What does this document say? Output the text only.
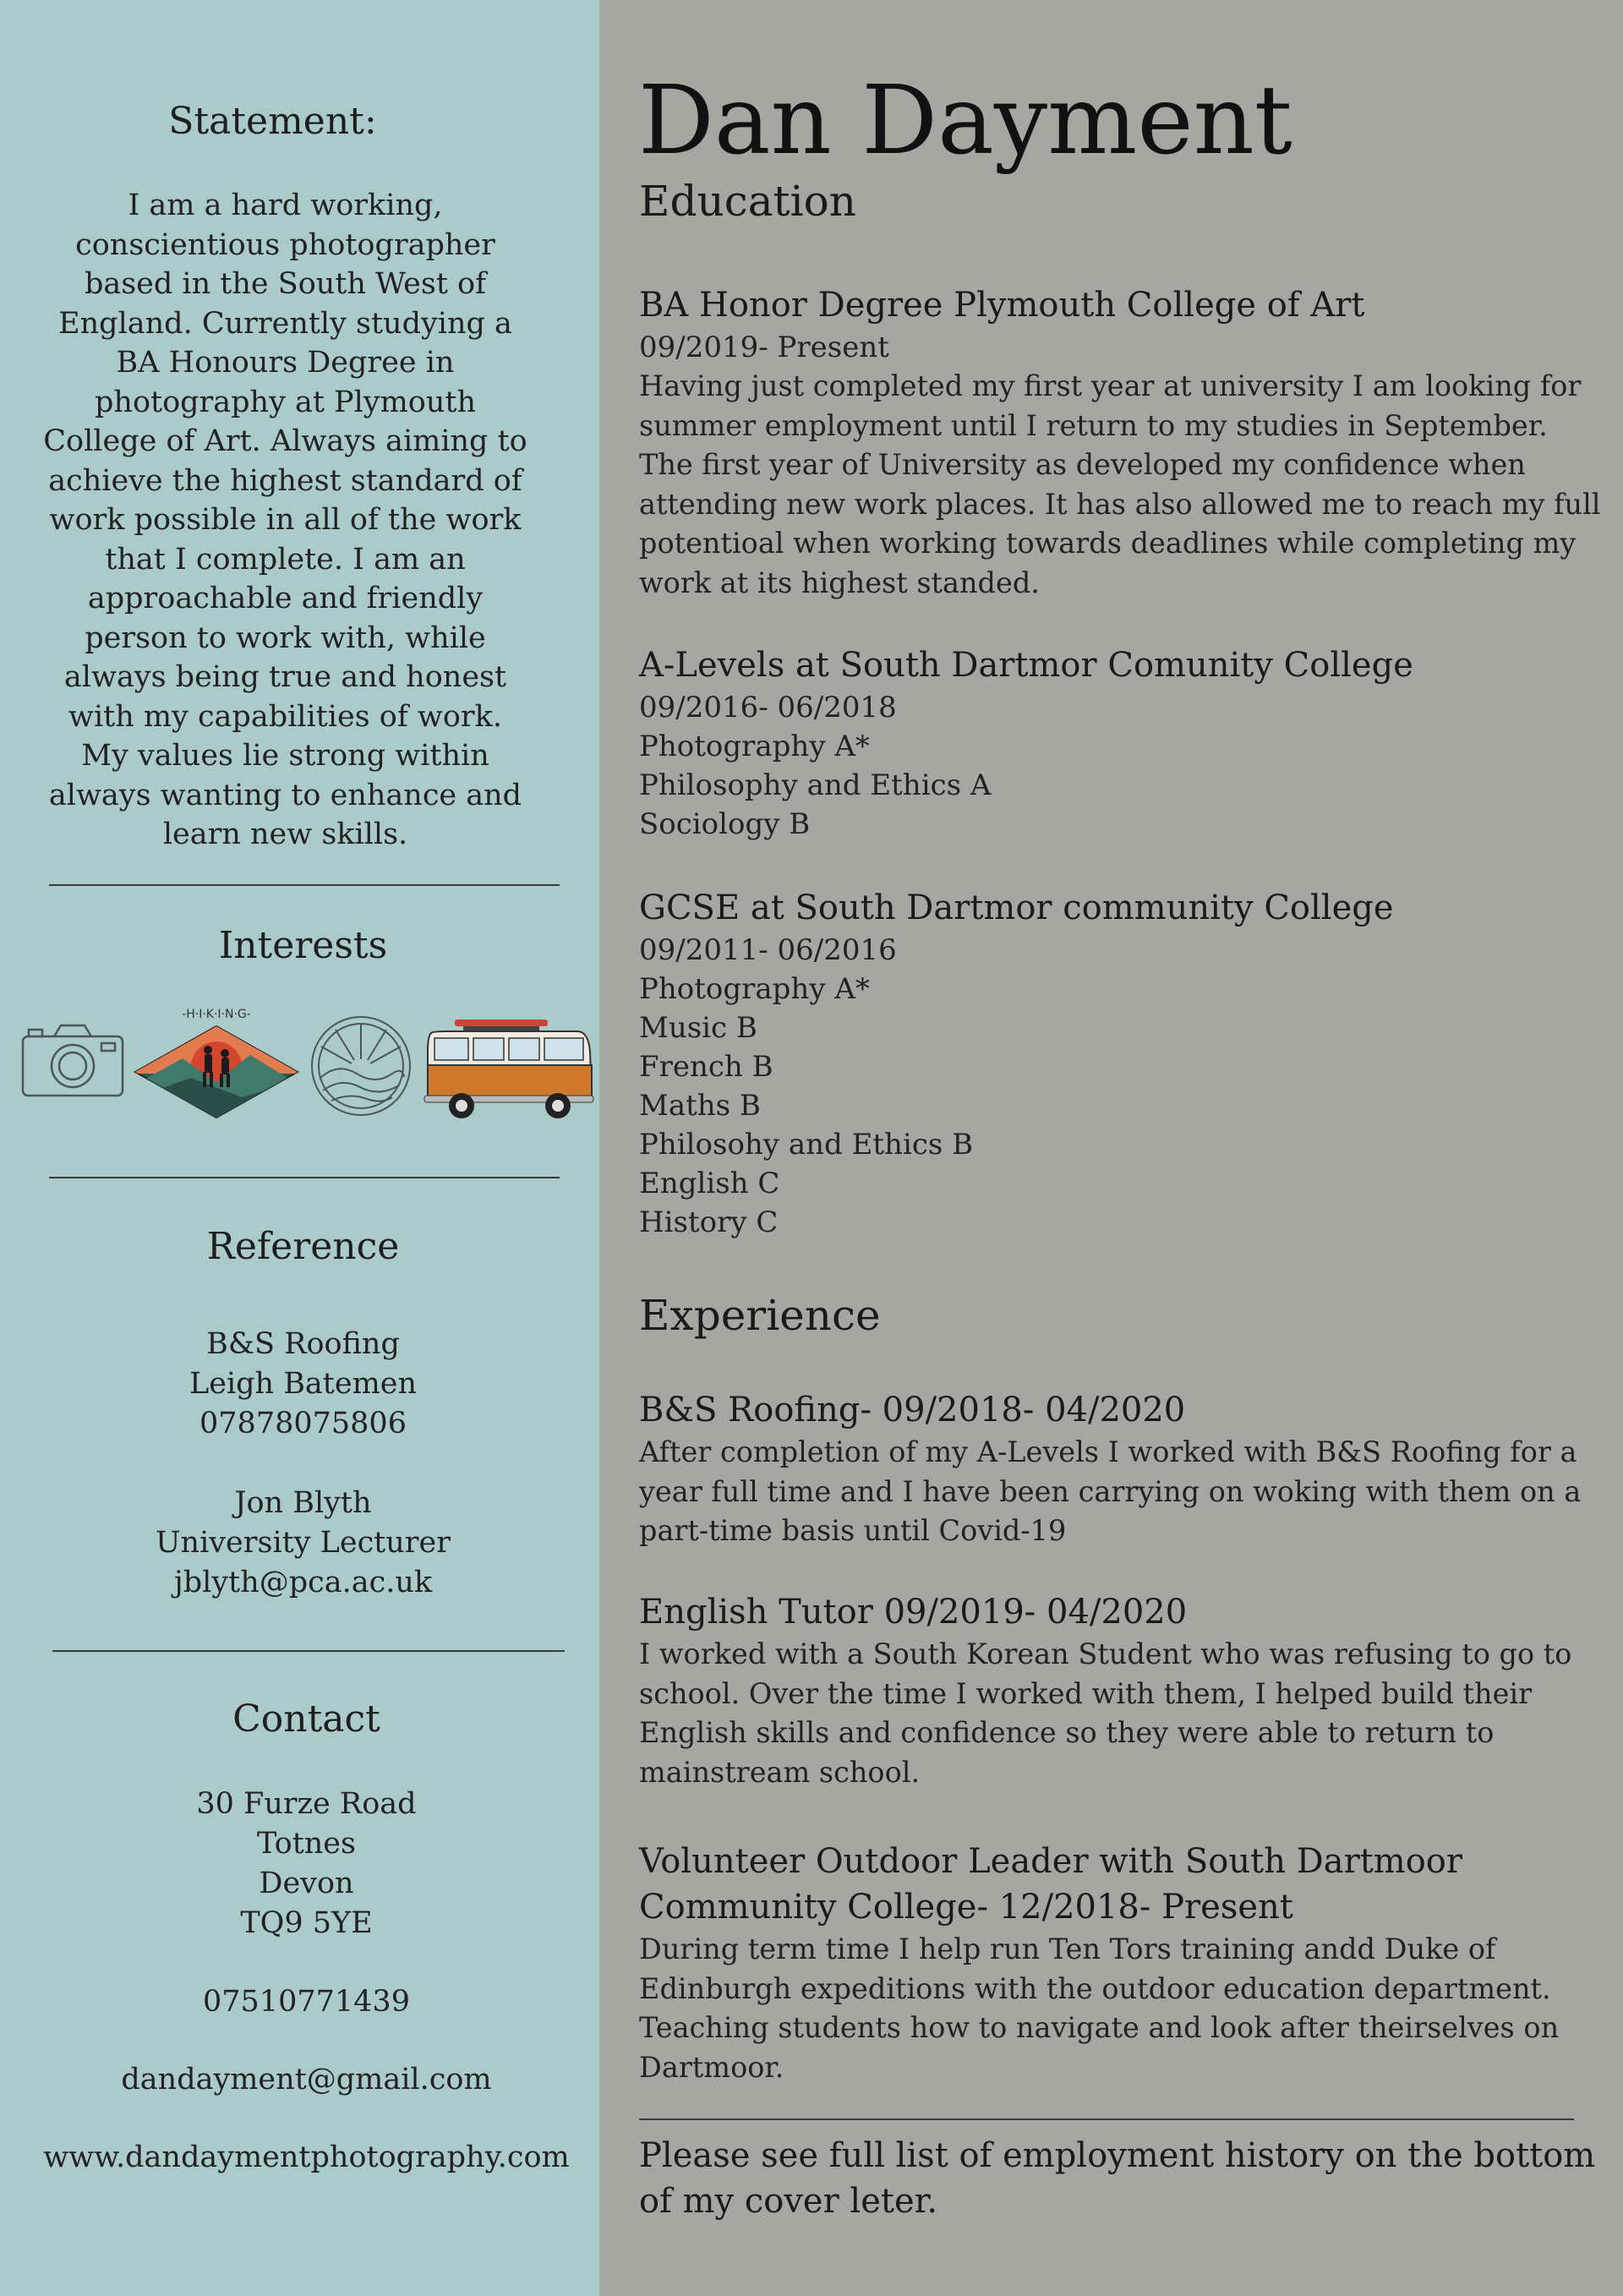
Statement:

I am a hard working, conscientious photographer based in the South West of England. Currently studying a BA Honours Degree in photography at Plymouth College of Art. Always aiming to achieve the highest standard of work possible in all of the work that I complete. I am an approachable and friendly person to work with, while always being true and honest with my capabilities of work. My values lie strong within always wanting to enhance and learn new skills.

Interests
-H·I·K·I·N·G-
Reference
B&S Roofing
Leigh Batemen
07878075806
Jon Blyth
University Lecturer
jblyth@pca.ac.uk
Contact
30 Furze Road
Totnes
Devon
TQ9 5YE
07510771439
dandayment@gmail.com
www.dandaymentphotography.com
Dan Dayment
Education
BA Honor Degree Plymouth College of Art
09/2019- Present
Having just completed my first year at university I am looking for summer employment until I return to my studies in September. The first year of University as developed my confidence when attending new work places. It has also allowed me to reach my full potentioal when working towards deadlines while completing my work at its highest standed.
A-Levels at South Dartmor Comunity College
09/2016- 06/2018
Photography A*
Philosophy and Ethics A
Sociology B
GCSE at South Dartmor community College
09/2011- 06/2016
Photography A*
Music B
French B
Maths B
Philosohy and Ethics B
English C
History C
Experience
B&S Roofing- 09/2018- 04/2020
After completion of my A-Levels I worked with B&S Roofing for a year full time and I have been carrying on woking with them on a part-time basis until Covid-19
English Tutor 09/2019- 04/2020
I worked with a South Korean Student who was refusing to go to school. Over the time I worked with them, I helped build their English skills and confidence so they were able to return to mainstream school.
Volunteer Outdoor Leader with South Dartmoor Community College- 12/2018- Present
During term time I help run Ten Tors training andd Duke of Edinburgh expeditions with the outdoor education department. Teaching students how to navigate and look after theirselves on Dartmoor.

Please see full list of employment history on the bottom of my cover leter.
